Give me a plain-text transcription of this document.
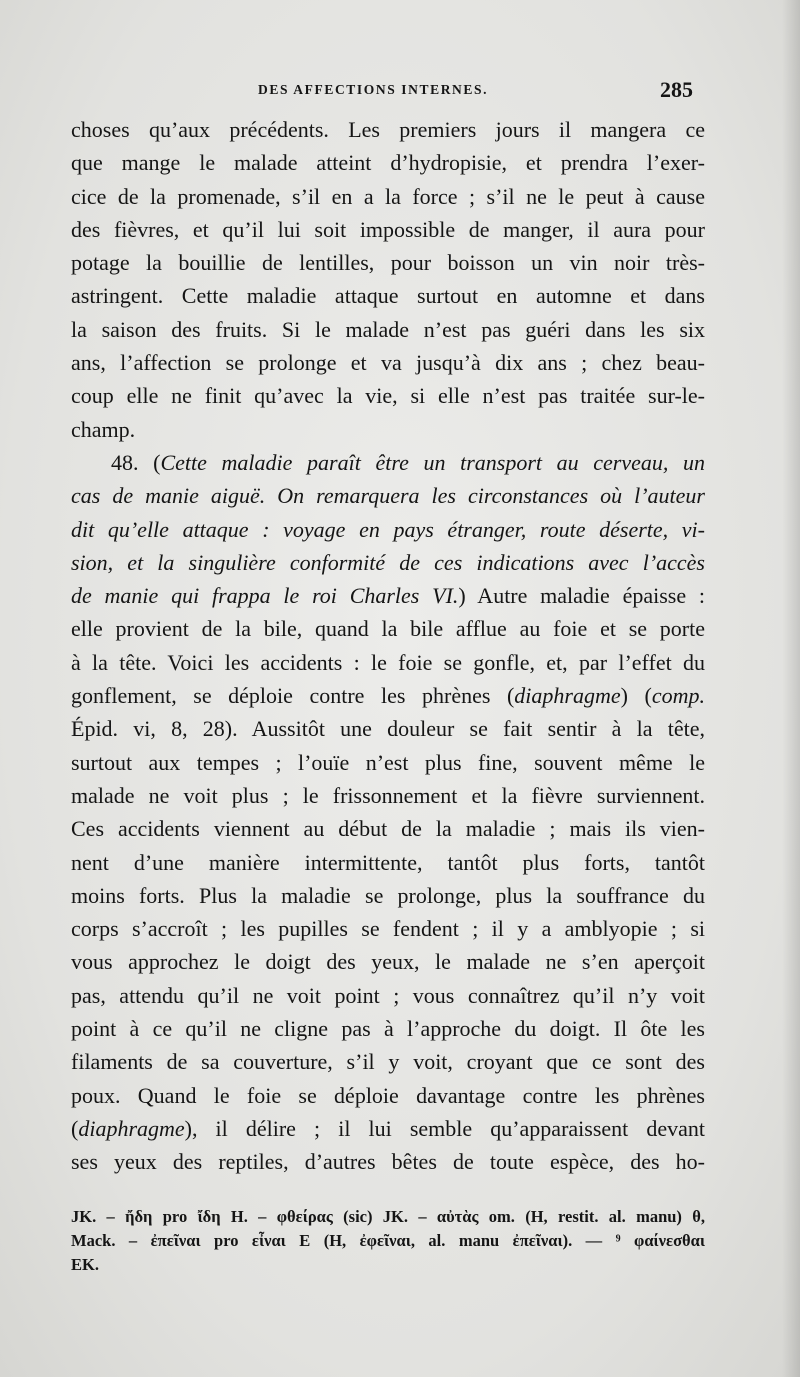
DES AFFECTIONS INTERNES.	285
choses qu’aux précédents. Les premiers jours il mangera ce
que mange le malade atteint d’hydropisie, et prendra l’exer-
cice de la promenade, s’il en a la force ; s’il ne le peut à cause
des fièvres, et qu’il lui soit impossible de manger, il aura pour
potage la bouillie de lentilles, pour boisson un vin noir très-
astringent. Cette maladie attaque surtout en automne et dans
la saison des fruits. Si le malade n’est pas guéri dans les six
ans, l’affection se prolonge et va jusqu’à dix ans ; chez beau-
coup elle ne finit qu’avec la vie, si elle n’est pas traitée sur-le-
champ.
48. (Cette maladie paraît être un transport au cerveau, un
cas de manie aiguë. On remarquera les circonstances où l’auteur
dit qu’elle attaque : voyage en pays étranger, route déserte, vi-
sion, et la singulière conformité de ces indications avec l’accès
de manie qui frappa le roi Charles VI.) Autre maladie épaisse :
elle provient de la bile, quand la bile afflue au foie et se porte
à la tête. Voici les accidents : le foie se gonfle, et, par l’effet du
gonflement, se déploie contre les phrènes (diaphragme) (comp.
Épid. vi, 8, 28). Aussitôt une douleur se fait sentir à la tête,
surtout aux tempes ; l’ouïe n’est plus fine, souvent même le
malade ne voit plus ; le frissonnement et la fièvre surviennent.
Ces accidents viennent au début de la maladie ; mais ils vien-
nent d’une manière intermittente, tantôt plus forts, tantôt
moins forts. Plus la maladie se prolonge, plus la souffrance du
corps s’accroît ; les pupilles se fendent ; il y a amblyopie ; si
vous approchez le doigt des yeux, le malade ne s’en aperçoit
pas, attendu qu’il ne voit point ; vous connaîtrez qu’il n’y voit
point à ce qu’il ne cligne pas à l’approche du doigt. Il ôte les
filaments de sa couverture, s’il y voit, croyant que ce sont des
poux. Quand le foie se déploie davantage contre les phrènes
(diaphragme), il délire ; il lui semble qu’apparaissent devant
ses yeux des reptiles, d’autres bêtes de toute espèce, des ho-
JK. – ἤδη pro ἴδη H. – φθείρας (sic) JK. – αὐτὰς om. (H, restit. al. manu) θ,
Mack. – ἐπεῖναι pro εἶναι E (H, ἐφεῖναι, al. manu ἐπεῖναι). — ⁹ φαίνεσθαι
EK.
